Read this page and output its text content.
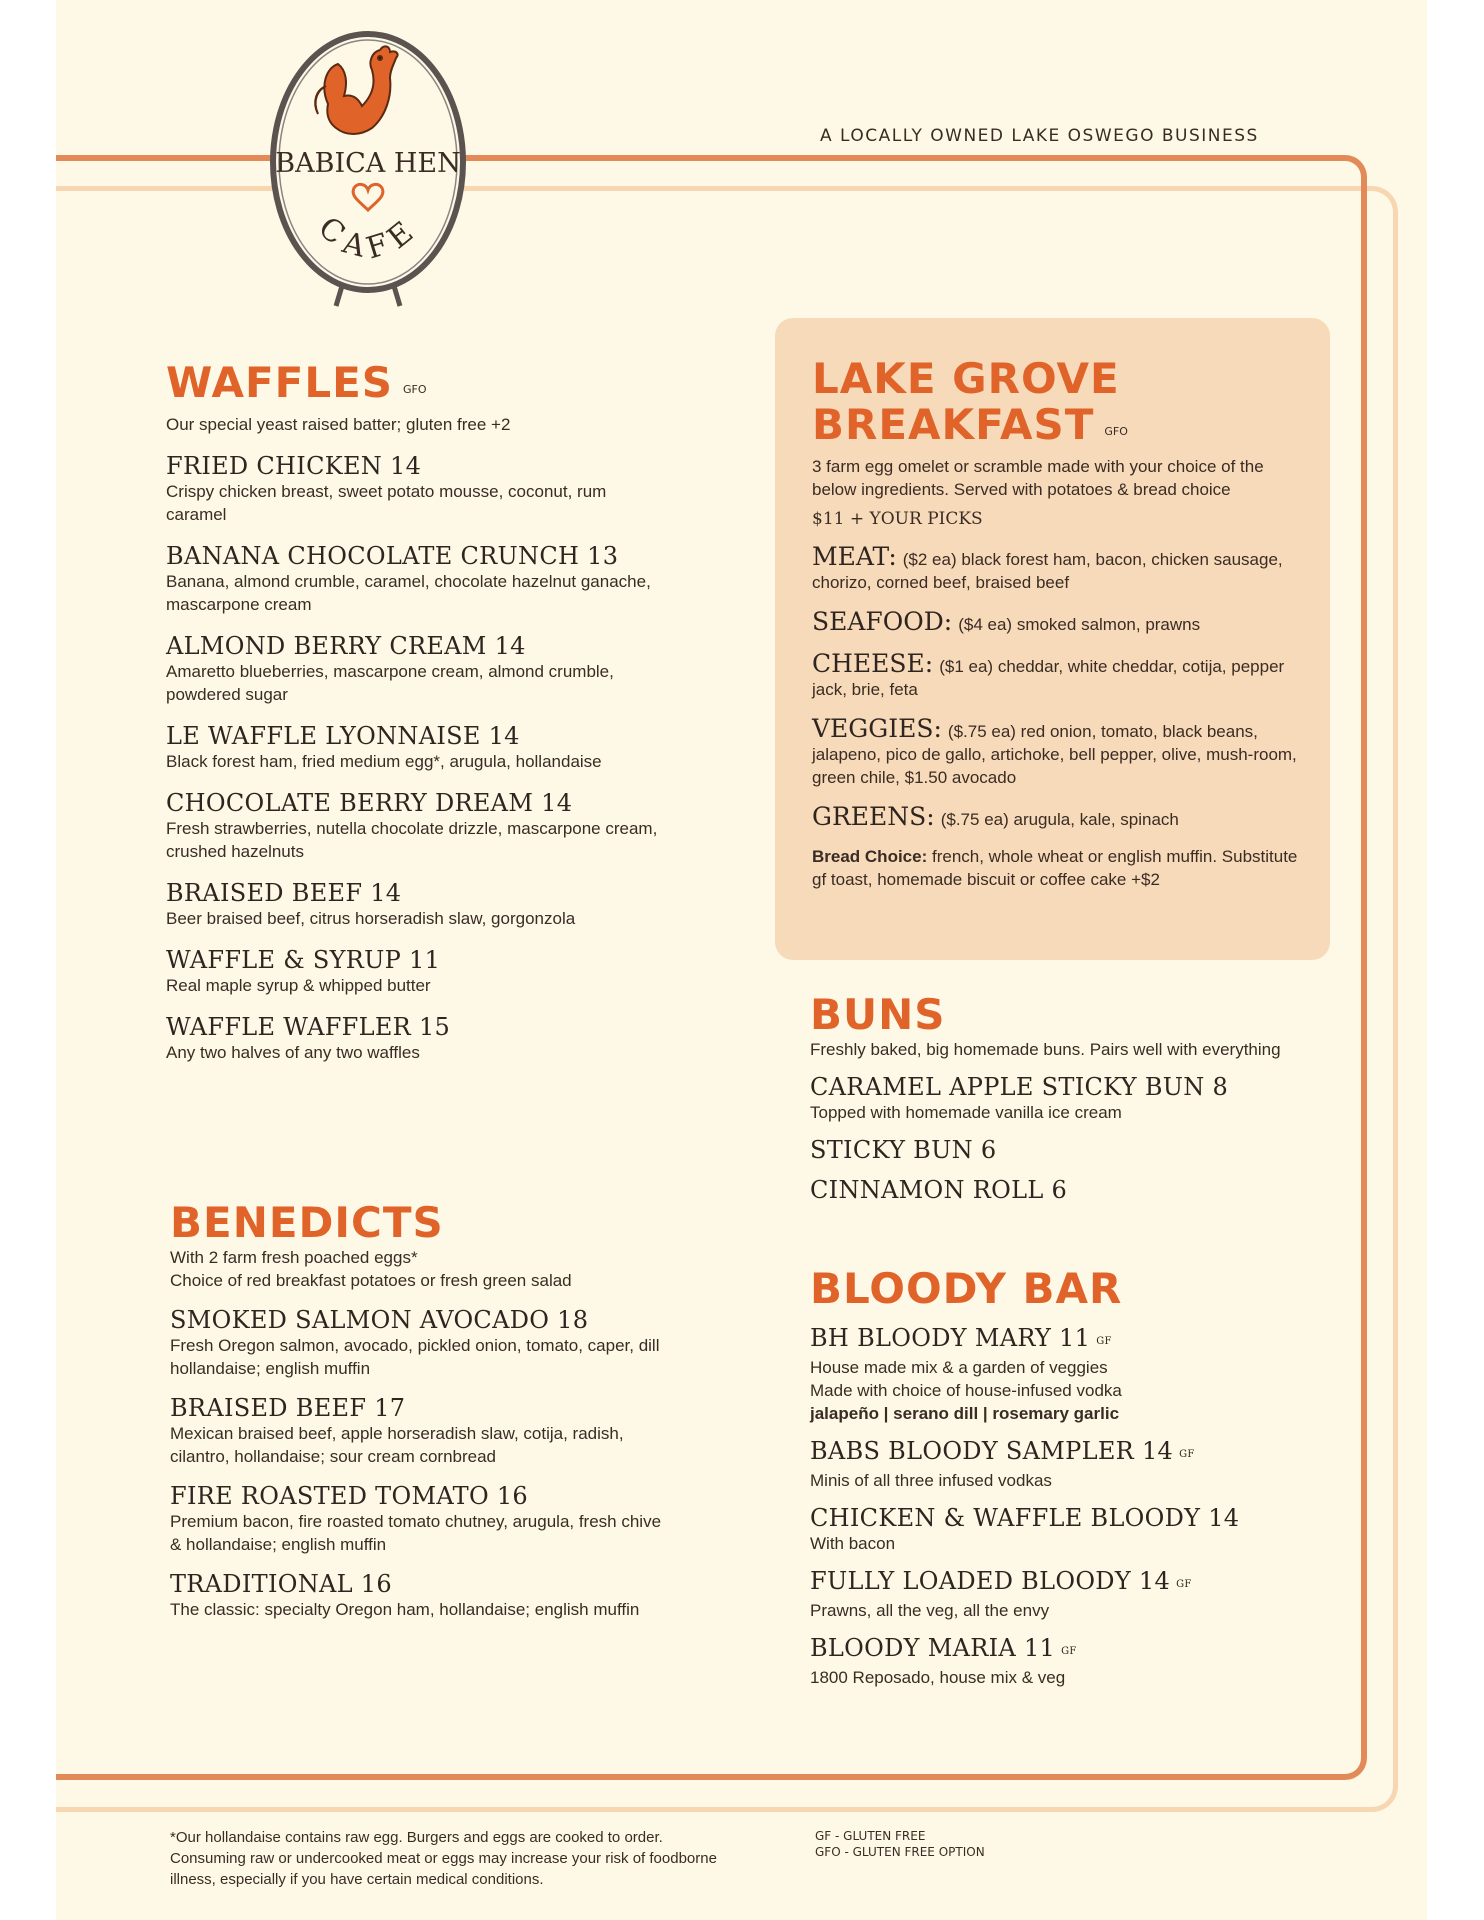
A LOCALLY OWNED LAKE OSWEGO BUSINESS
BABICA HEN
CAFE
WAFFLES GFO
Our special yeast raised batter; gluten free +2
FRIED CHICKEN 14
Crispy chicken breast, sweet potato mousse, coconut, rum caramel
BANANA CHOCOLATE CRUNCH 13
Banana, almond crumble, caramel, chocolate hazelnut ganache, mascarpone cream
ALMOND BERRY CREAM 14
Amaretto blueberries, mascarpone cream, almond crumble, powdered sugar
LE WAFFLE LYONNAISE 14
Black forest ham, fried medium egg*, arugula, hollandaise
CHOCOLATE BERRY DREAM 14
Fresh strawberries, nutella chocolate drizzle, mascarpone cream, crushed hazelnuts
BRAISED BEEF 14
Beer braised beef, citrus horseradish slaw, gorgonzola
WAFFLE & SYRUP 11
Real maple syrup & whipped butter
WAFFLE WAFFLER 15
Any two halves of any two waffles
BENEDICTS
With 2 farm fresh poached eggs*
Choice of red breakfast potatoes or fresh green salad
SMOKED SALMON AVOCADO 18
Fresh Oregon salmon, avocado, pickled onion, tomato, caper, dill hollandaise; english muffin
BRAISED BEEF 17
Mexican braised beef, apple horseradish slaw, cotija, radish, cilantro, hollandaise; sour cream cornbread
FIRE ROASTED TOMATO 16
Premium bacon, fire roasted tomato chutney, arugula, fresh chive & hollandaise; english muffin
TRADITIONAL 16
The classic: specialty Oregon ham, hollandaise; english muffin
LAKE GROVE
BREAKFAST GFO
3 farm egg omelet or scramble made with your choice of the below ingredients. Served with potatoes & bread choice
$11 + YOUR PICKS
MEAT: ($2 ea) black forest ham, bacon, chicken sausage, chorizo, corned beef, braised beef
SEAFOOD: ($4 ea) smoked salmon, prawns
CHEESE: ($1 ea) cheddar, white cheddar, cotija, pepper jack, brie, feta
VEGGIES: ($.75 ea) red onion, tomato, black beans, jalapeno, pico de gallo, artichoke, bell pepper, olive, mush-room, green chile, $1.50 avocado
GREENS: ($.75 ea) arugula, kale, spinach
Bread Choice: french, whole wheat or english muffin. Substitute gf toast, homemade biscuit or coffee cake +$2
BUNS
Freshly baked, big homemade buns. Pairs well with everything
CARAMEL APPLE STICKY BUN 8
Topped with homemade vanilla ice cream
STICKY BUN 6
CINNAMON ROLL 6
BLOODY BAR
BH BLOODY MARY 11 GF
House made mix & a garden of veggies
Made with choice of house-infused vodka
jalapeño | serano dill | rosemary garlic
BABS BLOODY SAMPLER 14 GF
Minis of all three infused vodkas
CHICKEN & WAFFLE BLOODY 14
With bacon
FULLY LOADED BLOODY 14 GF
Prawns, all the veg, all the envy
BLOODY MARIA 11 GF
1800 Reposado, house mix & veg
*Our hollandaise contains raw egg. Burgers and eggs are cooked to order. Consuming raw or undercooked meat or eggs may increase your risk of foodborne illness, especially if you have certain medical conditions.
GF - GLUTEN FREE
GFO - GLUTEN FREE OPTION
